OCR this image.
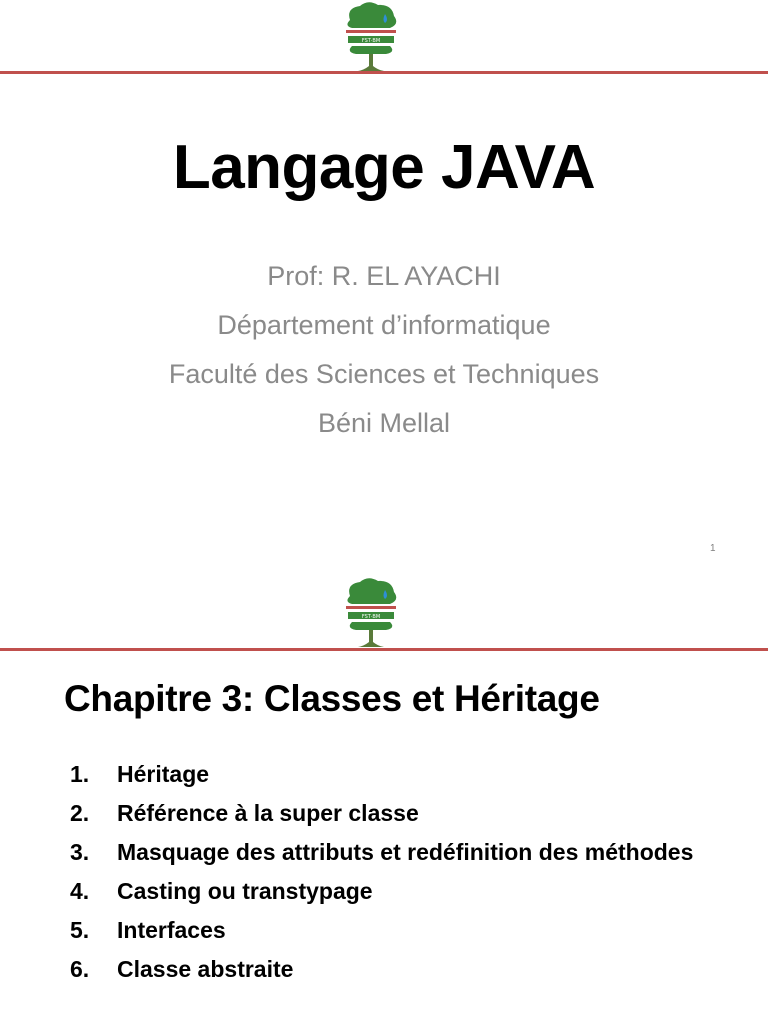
FST·BM
Langage JAVA
Prof: R. EL AYACHI
Département d’informatique
Faculté des Sciences et Techniques
Béni Mellal
1
FST·BM
Chapitre 3: Classes et Héritage
1.	Héritage
2.	Référence à la super classe
3.	Masquage des attributs et redéfinition des méthodes
4.	Casting ou transtypage
5.	Interfaces
6.	Classe abstraite
